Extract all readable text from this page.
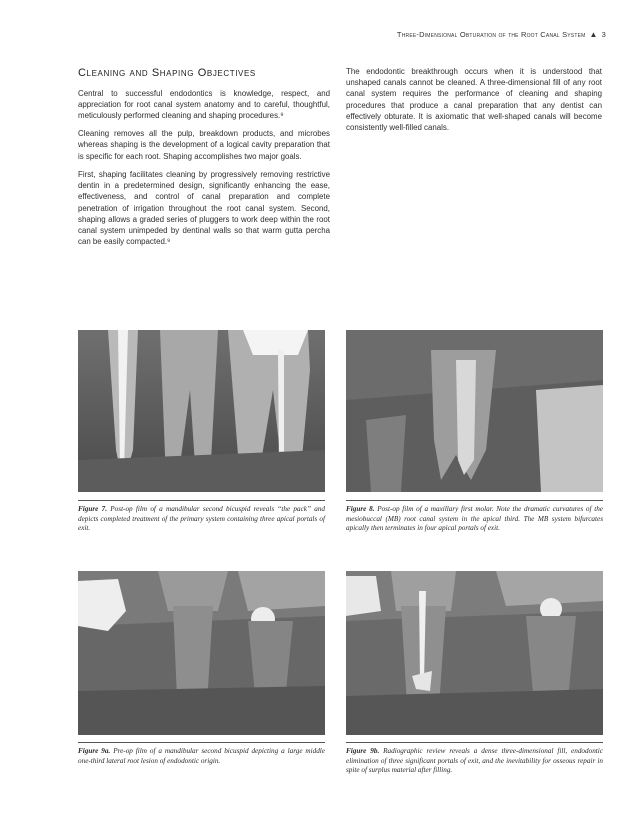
Three-Dimensional Obturation of the Root Canal System ▲ 3
Cleaning and Shaping Objectives

Central to successful endodontics is knowledge, respect, and appreciation for root canal system anatomy and to careful, thoughtful, meticulously performed cleaning and shaping procedures.⁹

Cleaning removes all the pulp, breakdown products, and microbes whereas shaping is the development of a logical cavity preparation that is specific for each root. Shaping accomplishes two major goals.

First, shaping facilitates cleaning by progressively removing restrictive dentin in a predetermined design, significantly enhancing the ease, effectiveness, and control of canal preparation and complete penetration of irrigation throughout the root canal system. Second, shaping allows a graded series of pluggers to work deep within the root canal system unimpeded by dentinal walls so that warm gutta percha can be easily compacted.⁹

The endodontic breakthrough occurs when it is understood that unshaped canals cannot be cleaned. A three-dimensional fill of any root canal system requires the performance of cleaning and shaping procedures that produce a canal preparation that any dentist can effectively obturate. It is axiomatic that well-shaped canals will become consistently well-filled canals.

Figure 7. Post-op film of a mandibular second bicuspid reveals “the pack” and depicts completed treatment of the primary system containing three apical portals of exit.
Figure 8. Post-op film of a maxillary first molar. Note the dramatic curvatures of the mesiobuccal (MB) root canal system in the apical third. The MB system bifurcates apically then terminates in four apical portals of exit.
Figure 9a. Pre-op film of a mandibular second bicuspid depicting a large middle one-third lateral root lesion of endodontic origin.
Figure 9b. Radiographic review reveals a dense three-dimensional fill, endodontic elimination of three significant portals of exit, and the inevitability for osseous repair in spite of surplus material after filling.
